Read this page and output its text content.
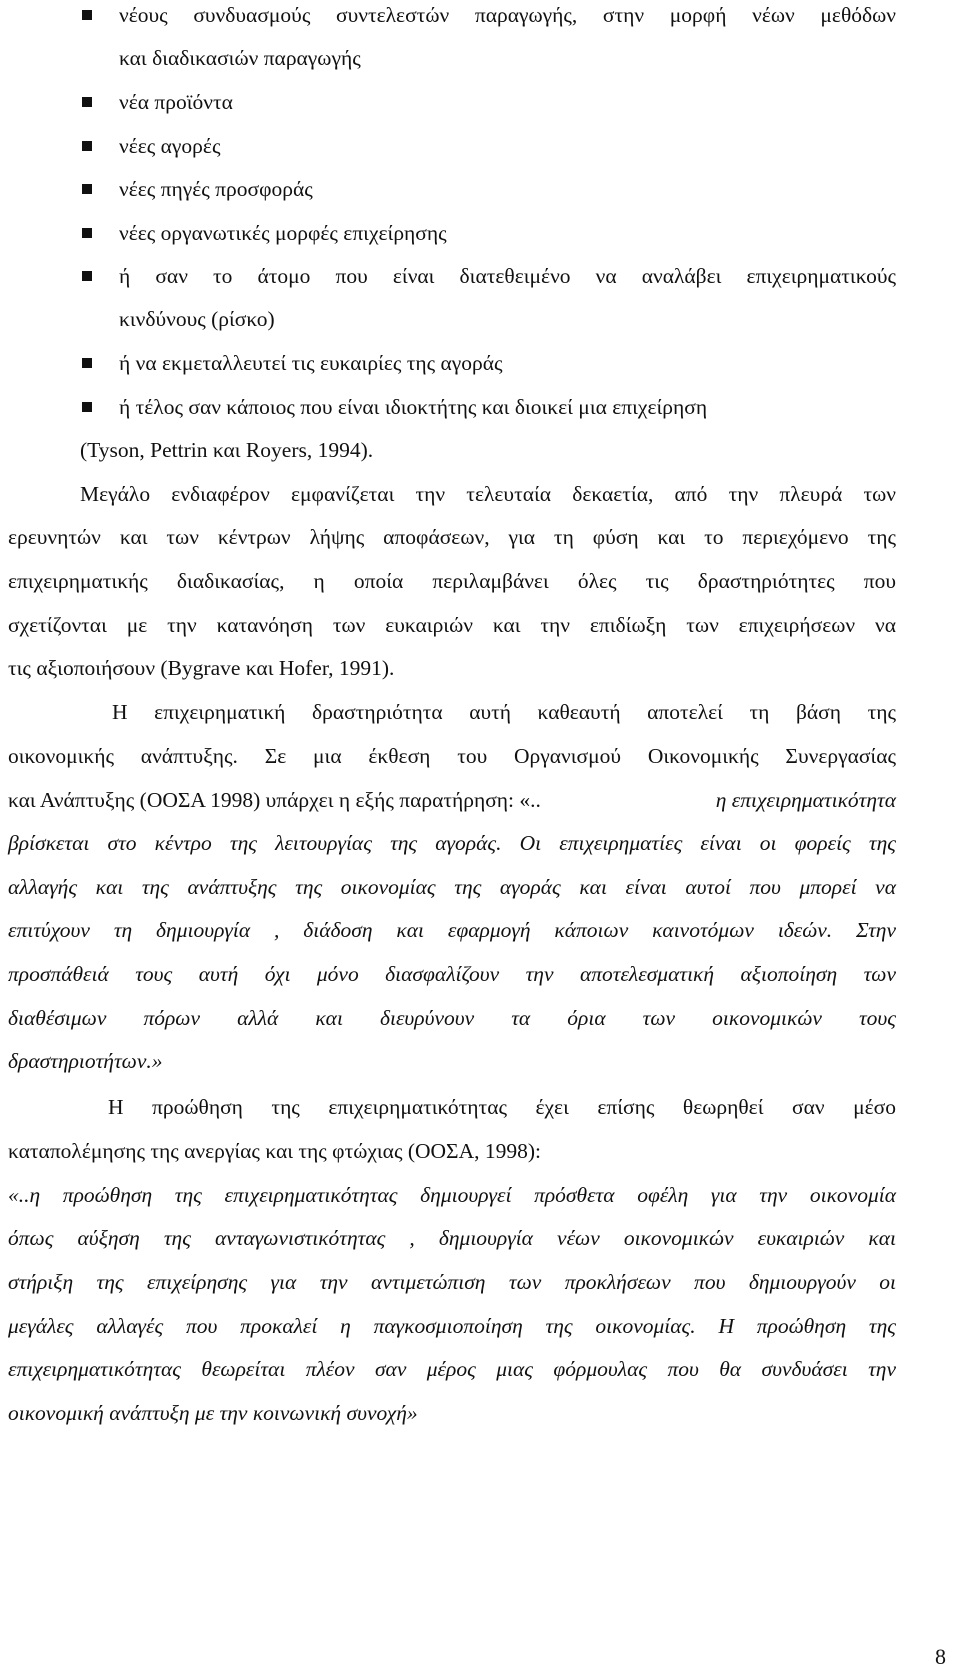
νέους συνδυασμούς συντελεστών παραγωγής, στην μορφή νέων μεθόδων
και διαδικασιών παραγωγής
νέα προϊόντα
νέες αγορές
νέες πηγές προσφοράς
νέες οργανωτικές μορφές επιχείρησης
ή σαν το άτομο που είναι διατεθειμένο να αναλάβει επιχειρηματικούς
κινδύνους (ρίσκο)
ή να εκμεταλλευτεί τις ευκαιρίες της αγοράς
ή τέλος σαν κάποιος που είναι ιδιοκτήτης και διοικεί μια επιχείρηση
(Tyson, Pettrin και Royers, 1994).
Μεγάλο ενδιαφέρον εμφανίζεται την τελευταία δεκαετία, από την πλευρά των
ερευνητών και των κέντρων λήψης αποφάσεων, για τη φύση και το περιεχόμενο της
επιχειρηματικής διαδικασίας, η οποία περιλαμβάνει όλες τις δραστηριότητες που
σχετίζονται με την κατανόηση των ευκαιριών και την επιδίωξη των επιχειρήσεων να
τις αξιοποιήσουν (Bygrave και Hofer, 1991).
Η επιχειρηματική δραστηριότητα αυτή καθεαυτή αποτελεί τη βάση της
οικονομικής ανάπτυξης. Σε μια έκθεση του Οργανισμού Οικονομικής Συνεργασίας
και Ανάπτυξης (ΟΟΣΑ 1998) υπάρχει η εξής παρατήρηση: «..	η επιχειρηματικότητα
βρίσκεται στο κέντρο της λειτουργίας της αγοράς. Οι επιχειρηματίες είναι οι φορείς της
αλλαγής και της ανάπτυξης της οικονομίας της αγοράς και είναι αυτοί που μπορεί να
επιτύχουν τη δημιουργία , διάδοση και εφαρμογή κάποιων καινοτόμων ιδεών. Στην
προσπάθειά τους αυτή όχι μόνο διασφαλίζουν την αποτελεσματική αξιοποίηση των
διαθέσιμων πόρων αλλά και διευρύνουν τα όρια των οικονομικών τους
δραστηριοτήτων.»
Η προώθηση της επιχειρηματικότητας έχει επίσης θεωρηθεί σαν μέσο
καταπολέμησης της ανεργίας και της φτώχιας (ΟΟΣΑ, 1998):
«..η προώθηση της επιχειρηματικότητας δημιουργεί πρόσθετα οφέλη για την οικονομία
όπως αύξηση της ανταγωνιστικότητας , δημιουργία νέων οικονομικών ευκαιριών και
στήριξη της επιχείρησης για την αντιμετώπιση των προκλήσεων που δημιουργούν οι
μεγάλες αλλαγές που προκαλεί η παγκοσμιοποίηση της οικονομίας. Η προώθηση της
επιχειρηματικότητας θεωρείται πλέον σαν μέρος μιας φόρμουλας που θα συνδυάσει την
οικονομική ανάπτυξη με την κοινωνική συνοχή»
8
